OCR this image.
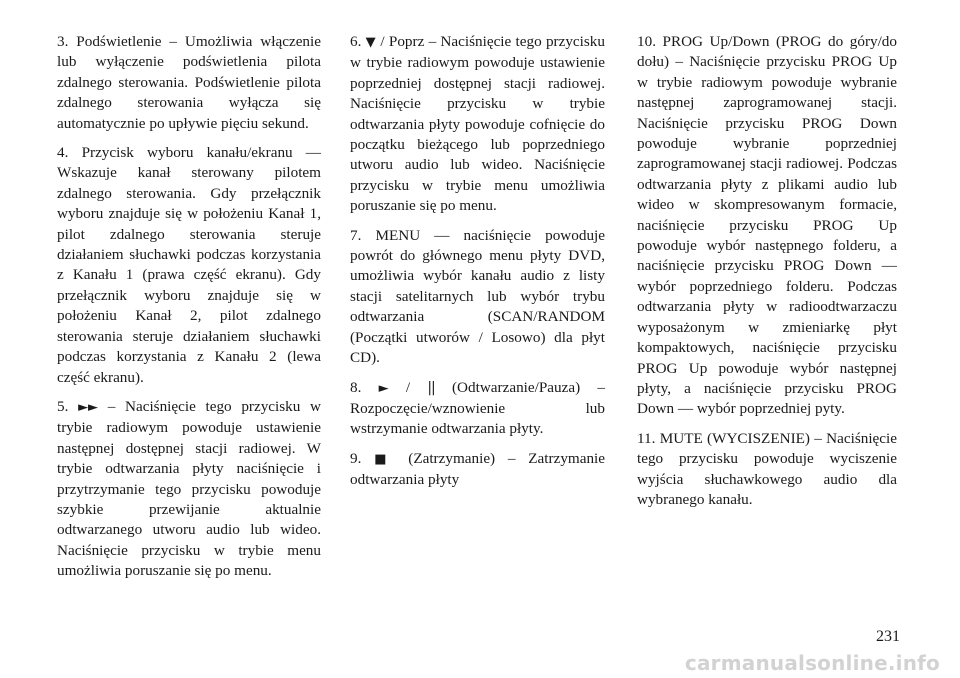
3. Podświetlenie – Umożliwia włączenie lub wyłączenie podświetlenia pilota zdalnego sterowania. Podświetlenie pilota zdalnego sterowania wyłącza się automatycznie po upływie pięciu sekund.

4. Przycisk wyboru kanału/ekranu — Wskazuje kanał sterowany pilotem zdalnego sterowania. Gdy przełącznik wyboru znajduje się w położeniu Kanał 1, pilot zdalnego sterowania steruje działaniem słuchawki podczas korzystania z Kanału 1 (prawa część ekranu). Gdy przełącznik wyboru znajduje się w położeniu Kanał 2, pilot zdalnego sterowania steruje działaniem słuchawki podczas korzystania z Kanału 2 (lewa część ekranu).

5. ►► – Naciśnięcie tego przycisku w trybie radiowym powoduje ustawienie następnej dostępnej stacji radiowej. W trybie odtwarzania płyty naciśnięcie i przytrzymanie tego przycisku powoduje szybkie przewijanie aktualnie odtwarzanego utworu audio lub wideo. Naciśnięcie przycisku w trybie menu umożliwia poruszanie się po menu.

6. ▼ / Poprz – Naciśnięcie tego przycisku w trybie radiowym powoduje ustawienie poprzedniej dostępnej stacji radiowej. Naciśnięcie przycisku w trybie odtwarzania płyty powoduje cofnięcie do początku bieżącego lub poprzedniego utworu audio lub wideo. Naciśnięcie przycisku w trybie menu umożliwia poruszanie się po menu.

7. MENU — naciśnięcie powoduje powrót do głównego menu płyty DVD, umożliwia wybór kanału audio z listy stacji satelitarnych lub wybór trybu odtwarzania (SCAN/RANDOM (Początki utworów / Losowo) dla płyt CD).

8. ► / || (Odtwarzanie/Pauza) – Rozpoczęcie/wznowienie lub wstrzymanie odtwarzania płyty.

9. ■ (Zatrzymanie) – Zatrzymanie odtwarzania płyty

10. PROG Up/Down (PROG do góry/do dołu) – Naciśnięcie przycisku PROG Up w trybie radiowym powoduje wybranie następnej zaprogramowanej stacji. Naciśnięcie przycisku PROG Down powoduje wybranie poprzedniej zaprogramowanej stacji radiowej. Podczas odtwarzania płyty z plikami audio lub wideo w skompresowanym formacie, naciśnięcie przycisku PROG Up powoduje wybór następnego folderu, a naciśnięcie przycisku PROG Down — wybór poprzedniego folderu. Podczas odtwarzania płyty w radioodtwarzaczu wyposażonym w zmieniarkę płyt kompaktowych, naciśnięcie przycisku PROG Up powoduje wybór następnej płyty, a naciśnięcie przycisku PROG Down — wybór poprzedniej pyty.

11. MUTE (WYCISZENIE) – Naciśnięcie tego przycisku powoduje wyciszenie wyjścia słuchawkowego audio dla wybranego kanału.

231
carmanualsonline.info
